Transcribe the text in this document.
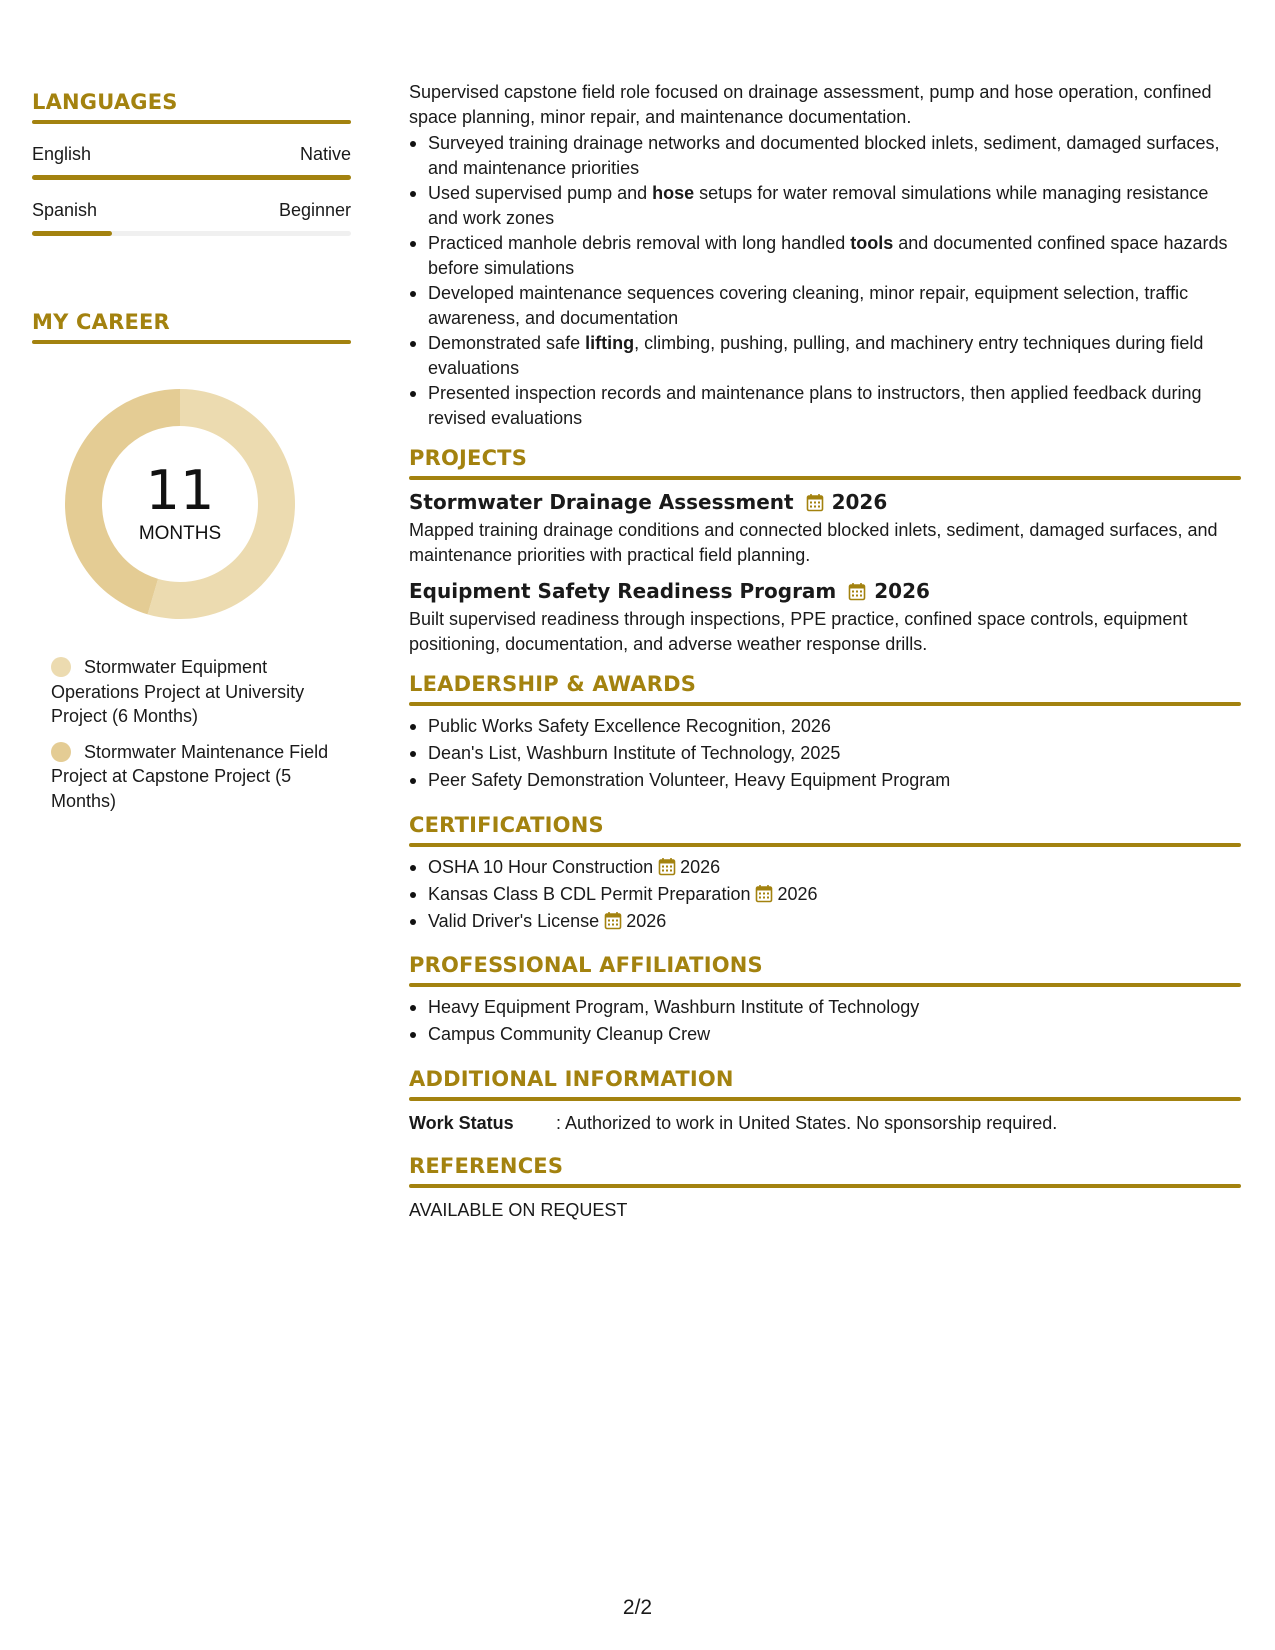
LANGUAGES
English	Native
Spanish	Beginner
MY CAREER
11
MONTHS
Stormwater Equipment Operations Project at University Project (6 Months)
Stormwater Maintenance Field Project at Capstone Project (5 Months)

Supervised capstone field role focused on drainage assessment, pump and hose operation, confined space planning, minor repair, and maintenance documentation.

Surveyed training drainage networks and documented blocked inlets, sediment, damaged surfaces, and maintenance priorities
Used supervised pump and hose setups for water removal simulations while managing resistance and work zones
Practiced manhole debris removal with long handled tools and documented confined space hazards before simulations
Developed maintenance sequences covering cleaning, minor repair, equipment selection, traffic awareness, and documentation
Demonstrated safe lifting, climbing, pushing, pulling, and machinery entry techniques during field evaluations
Presented inspection records and maintenance plans to instructors, then applied feedback during revised evaluations
PROJECTS
Stormwater Drainage Assessment 2026
Mapped training drainage conditions and connected blocked inlets, sediment, damaged surfaces, and maintenance priorities with practical field planning.
Equipment Safety Readiness Program 2026
Built supervised readiness through inspections, PPE practice, confined space controls, equipment positioning, documentation, and adverse weather response drills.
LEADERSHIP & AWARDS
Public Works Safety Excellence Recognition, 2026
Dean's List, Washburn Institute of Technology, 2025
Peer Safety Demonstration Volunteer, Heavy Equipment Program
CERTIFICATIONS
OSHA 10 Hour Construction 2026
Kansas Class B CDL Permit Preparation 2026
Valid Driver's License 2026
PROFESSIONAL AFFILIATIONS
Heavy Equipment Program, Washburn Institute of Technology
Campus Community Cleanup Crew
ADDITIONAL INFORMATION
Work Status	: Authorized to work in United States. No sponsorship required.
REFERENCES
AVAILABLE ON REQUEST
2/2
